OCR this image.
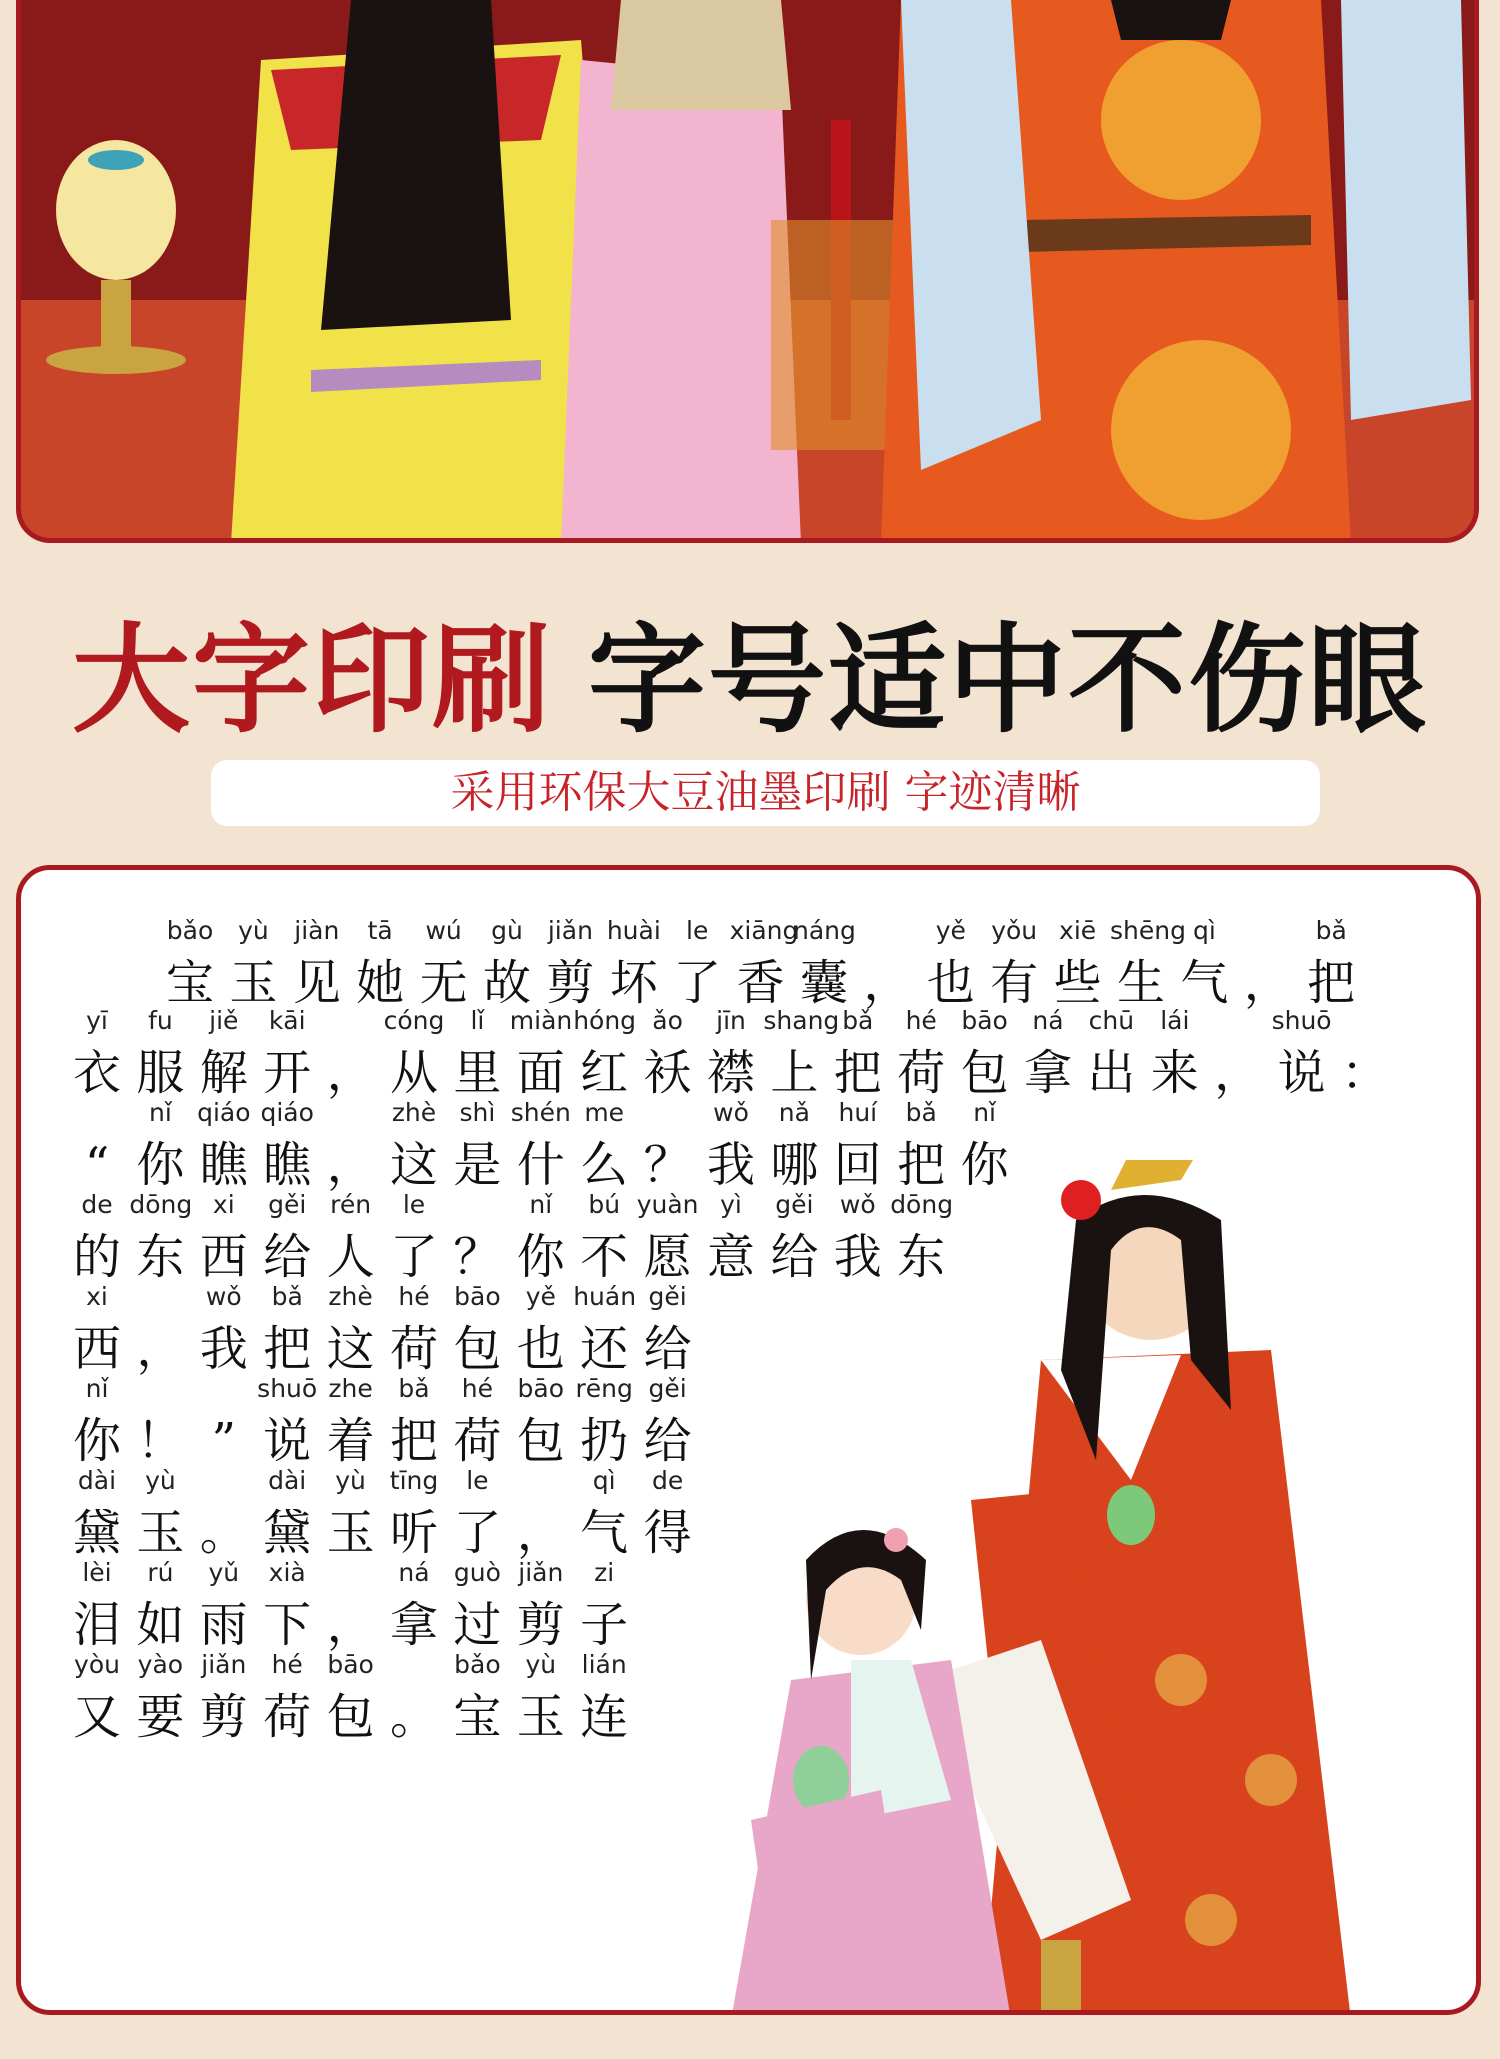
大字印刷 字号适中不伤眼
采用环保大豆油墨印刷 字迹清晰
bǎo
宝
yù
玉
jiàn
见
tā
她
wú
无
gù
故
jiǎn
剪
huài
坏
le
了
xiāng
香
náng
囊 ，
yě
也
yǒu
有
xiē
些
shēng
生
qì
气 ，
bǎ
把
yī
衣
fu
服
jiě
解
kāi
开 ，
cóng
从
lǐ
里
miàn
面
hóng
红
ǎo
袄
jīn
襟
shang
上
bǎ
把
hé
荷
bāo
包
ná
拿
chū
出
lái
来 ，
shuō
说 ：
“
nǐ
你
qiáo
瞧
qiáo
瞧 ，
zhè
这
shì
是
shén
什
me
么 ？
wǒ
我
nǎ
哪
huí
回
bǎ
把
nǐ
你
de
的
dōng
东
xi
西
gěi
给
rén
人
le
了 ？
nǐ
你
bú
不
yuàn
愿
yì
意
gěi
给
wǒ
我
dōng
东
xi
西 ，
wǒ
我
bǎ
把
zhè
这
hé
荷
bāo
包
yě
也
huán
还
gěi
给
nǐ
你 ！ ”
shuō
说
zhe
着
bǎ
把
hé
荷
bāo
包
rēng
扔
gěi
给
dài
黛
yù
玉 。
dài
黛
yù
玉
tīng
听
le
了 ，
qì
气
de
得
lèi
泪
rú
如
yǔ
雨
xià
下 ，
ná
拿
guò
过
jiǎn
剪
zi
子
yòu
又
yào
要
jiǎn
剪
hé
荷
bāo
包 。
bǎo
宝
yù
玉
lián
连
